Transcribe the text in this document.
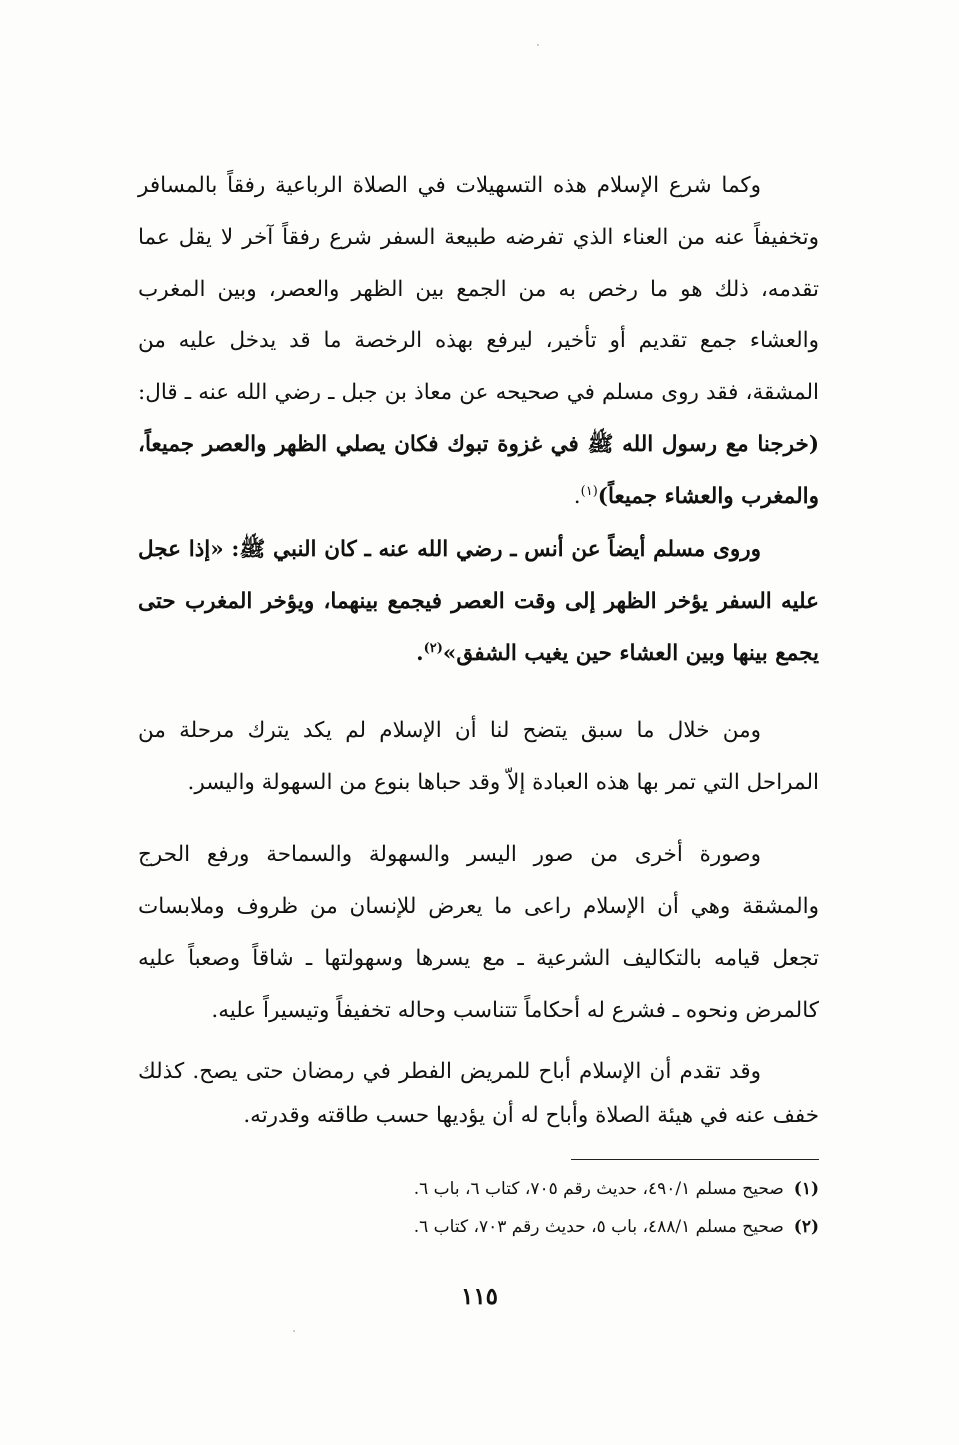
وكما شرع الإسلام هذه التسهيلات في الصلاة الرباعية رفقاً بالمسافر وتخفيفاً عنه من العناء الذي تفرضه طبيعة السفر شرع رفقاً آخر لا يقل عما تقدمه، ذلك هو ما رخص به من الجمع بين الظهر والعصر، وبين المغرب والعشاء جمع تقديم أو تأخير، ليرفع بهذه الرخصة ما قد يدخل عليه من المشقة، فقد روى مسلم في صحيحه عن معاذ بن جبل ـ رضي الله عنه ـ قال: (خرجنا مع رسول الله ﷺ في غزوة تبوك فكان يصلي الظهر والعصر جميعاً، والمغرب والعشاء جميعاً)$^{(١)}$.

وروى مسلم أيضاً عن أنس ـ رضي الله عنه ـ كان النبي ﷺ: «إذا عجل عليه السفر يؤخر الظهر إلى وقت العصر فيجمع بينهما، ويؤخر المغرب حتى يجمع بينها وبين العشاء حين يغيب الشفق»$^{(٢)}$.

ومن خلال ما سبق يتضح لنا أن الإسلام لم يكد يترك مرحلة من المراحل التي تمر بها هذه العبادة إلاّ وقد حباها بنوع من السهولة واليسر.

وصورة أخرى من صور اليسر والسهولة والسماحة ورفع الحرج والمشقة وهي أن الإسلام راعى ما يعرض للإنسان من ظروف وملابسات تجعل قيامه بالتكاليف الشرعية ـ مع يسرها وسهولتها ـ شاقاً وصعباً عليه كالمرض ونحوه ـ فشرع له أحكاماً تتناسب وحاله تخفيفاً وتيسيراً عليه.

وقد تقدم أن الإسلام أباح للمريض الفطر في رمضان حتى يصح. كذلك خفف عنه في هيئة الصلاة وأباح له أن يؤديها حسب طاقته وقدرته.

(١)صحيح مسلم ٤٩٠/١، حديث رقم ٧٠٥، كتاب ٦، باب ٦.

(٢)صحيح مسلم ٤٨٨/١، باب ٥، حديث رقم ٧٠٣، كتاب ٦.

١١٥
